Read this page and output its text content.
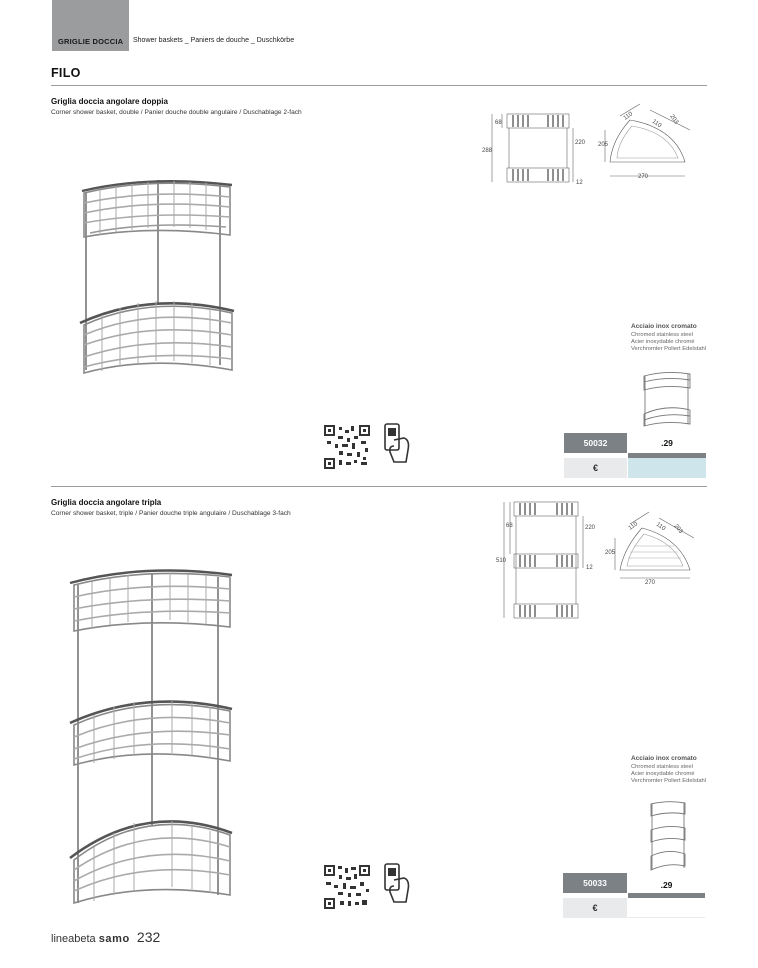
GRIGLIE DOCCIA Shower baskets _ Paniers de douche _ Duschkörbe
FILO
Griglia doccia angolare doppia
Corner shower basket, double / Panier douche double angulaire / Duschablage 2-fach
68
288
220
12
205
270
110
110 203
Acciaio inox cromato
Chromed stainless steel
Acier inoxydable chromé
Verchromter Poliert Edelstahl
50032	.29
€
Griglia doccia angolare tripla
Corner shower basket, triple / Panier douche triple angulaire / Duschablage 3-fach
68
510
220
12
205
270
110	110 203
Acciaio inox cromato
Chromed stainless steel
Acier inoxydable chromé
Verchromter Poliert Edelstahl
50033	.29
€
lineabeta samo 232
